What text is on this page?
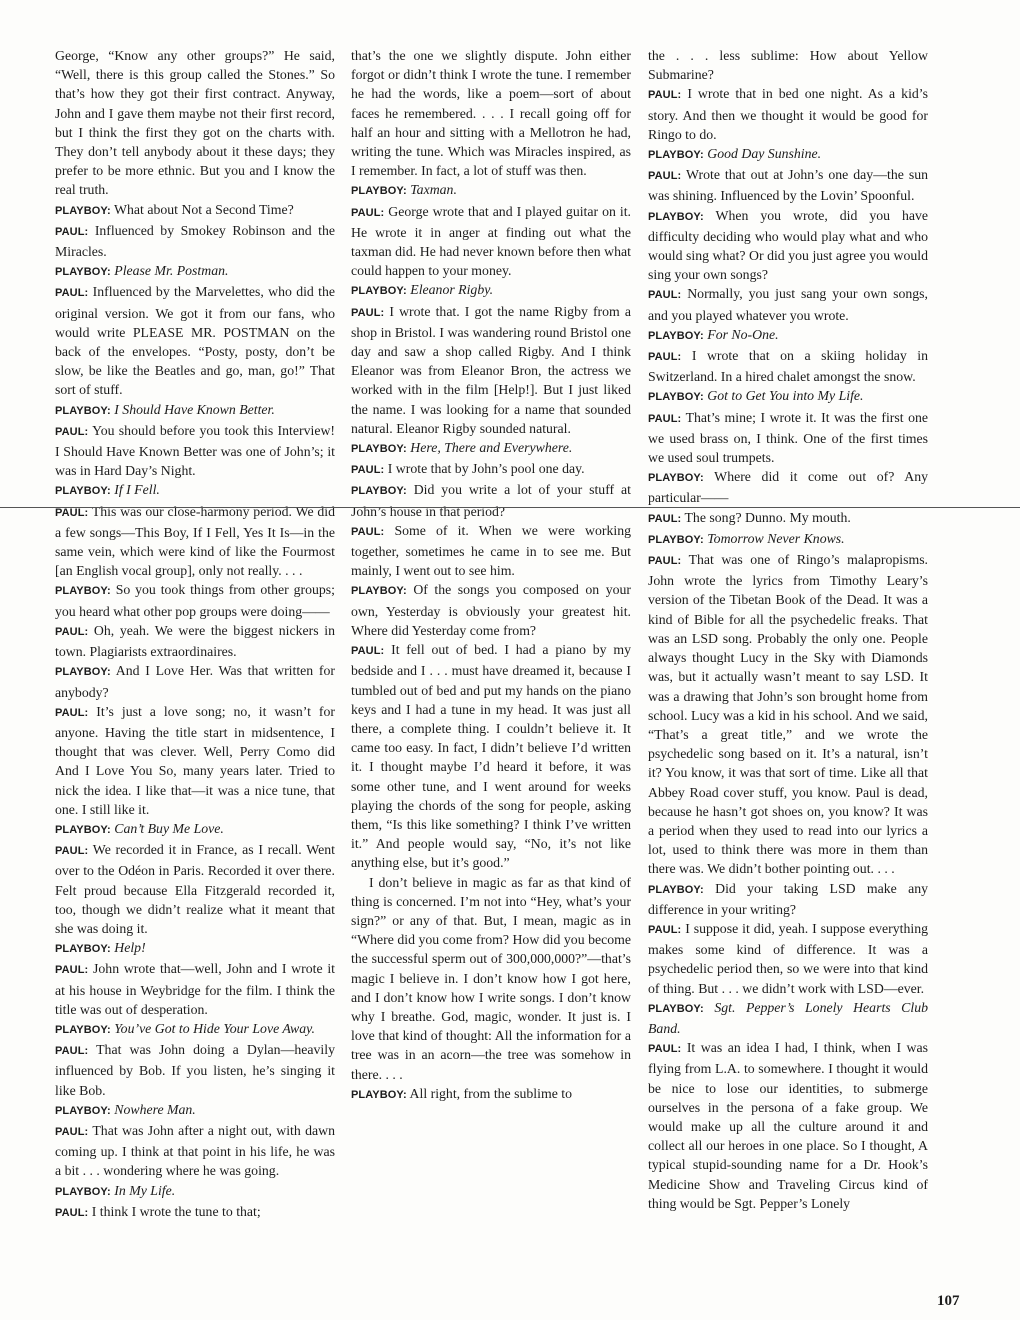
George, “Know any other groups?” He said, “Well, there is this group called the Stones.” So that’s how they got their first contract. Anyway, John and I gave them maybe not their first record, but I think the first they got on the charts with. They don’t tell anybody about it these days; they prefer to be more ethnic. But you and I know the real truth.

PLAYBOY: What about Not a Second Time?

PAUL: Influenced by Smokey Robinson and the Miracles.

PLAYBOY: Please Mr. Postman.

PAUL: Influenced by the Marvelettes, who did the original version. We got it from our fans, who would write PLEASE MR. POSTMAN on the back of the envelopes. “Posty, posty, don’t be slow, be like the Beatles and go, man, go!” That sort of stuff.

PLAYBOY: I Should Have Known Better.

PAUL: You should before you took this Interview! I Should Have Known Better was one of John’s; it was in Hard Day’s Night.

PLAYBOY: If I Fell.

PAUL: This was our close-harmony period. We did a few songs—This Boy, If I Fell, Yes It Is—in the same vein, which were kind of like the Fourmost [an English vocal group], only not really. . . .

PLAYBOY: So you took things from other groups; you heard what other pop groups were doing——

PAUL: Oh, yeah. We were the biggest nickers in town. Plagiarists extraordinaires.

PLAYBOY: And I Love Her. Was that written for anybody?

PAUL: It’s just a love song; no, it wasn’t for anyone. Having the title start in midsentence, I thought that was clever. Well, Perry Como did And I Love You So, many years later. Tried to nick the idea. I like that—it was a nice tune, that one. I still like it.

PLAYBOY: Can’t Buy Me Love.

PAUL: We recorded it in France, as I recall. Went over to the Odéon in Paris. Recorded it over there. Felt proud because Ella Fitzgerald recorded it, too, though we didn’t realize what it meant that she was doing it.

PLAYBOY: Help!

PAUL: John wrote that—well, John and I wrote it at his house in Weybridge for the film. I think the title was out of desperation.

PLAYBOY: You’ve Got to Hide Your Love Away.

PAUL: That was John doing a Dylan—heavily influenced by Bob. If you listen, he’s singing it like Bob.

PLAYBOY: Nowhere Man.

PAUL: That was John after a night out, with dawn coming up. I think at that point in his life, he was a bit . . . wondering where he was going.

PLAYBOY: In My Life.

PAUL: I think I wrote the tune to that;

that’s the one we slightly dispute. John either forgot or didn’t think I wrote the tune. I remember he had the words, like a poem—sort of about faces he remembered. . . . I recall going off for half an hour and sitting with a Mellotron he had, writing the tune. Which was Miracles inspired, as I remember. In fact, a lot of stuff was then.

PLAYBOY: Taxman.

PAUL: George wrote that and I played guitar on it. He wrote it in anger at finding out what the taxman did. He had never known before then what could happen to your money.

PLAYBOY: Eleanor Rigby.

PAUL: I wrote that. I got the name Rigby from a shop in Bristol. I was wandering round Bristol one day and saw a shop called Rigby. And I think Eleanor was from Eleanor Bron, the actress we worked with in the film [Help!]. But I just liked the name. I was looking for a name that sounded natural. Eleanor Rigby sounded natural.

PLAYBOY: Here, There and Everywhere.

PAUL: I wrote that by John’s pool one day.

PLAYBOY: Did you write a lot of your stuff at John’s house in that period?

PAUL: Some of it. When we were working together, sometimes he came in to see me. But mainly, I went out to see him.

PLAYBOY: Of the songs you composed on your own, Yesterday is obviously your greatest hit. Where did Yesterday come from?

PAUL: It fell out of bed. I had a piano by my bedside and I . . . must have dreamed it, because I tumbled out of bed and put my hands on the piano keys and I had a tune in my head. It was just all there, a complete thing. I couldn’t believe it. It came too easy. In fact, I didn’t believe I’d written it. I thought maybe I’d heard it before, it was some other tune, and I went around for weeks playing the chords of the song for people, asking them, “Is this like something? I think I’ve written it.” And people would say, “No, it’s not like anything else, but it’s good.”

I don’t believe in magic as far as that kind of thing is concerned. I’m not into “Hey, what’s your sign?” or any of that. But, I mean, magic as in “Where did you come from? How did you become the successful sperm out of 300,000,000?”—that’s magic I believe in. I don’t know how I got here, and I don’t know how I write songs. I don’t know why I breathe. God, magic, wonder. It just is. I love that kind of thought: All the information for a tree was in an acorn—the tree was somehow in there. . . .

PLAYBOY: All right, from the sublime to

the . . . less sublime: How about Yellow Submarine?

PAUL: I wrote that in bed one night. As a kid’s story. And then we thought it would be good for Ringo to do.

PLAYBOY: Good Day Sunshine.

PAUL: Wrote that out at John’s one day—the sun was shining. Influenced by the Lovin’ Spoonful.

PLAYBOY: When you wrote, did you have difficulty deciding who would play what and who would sing what? Or did you just agree you would sing your own songs?

PAUL: Normally, you just sang your own songs, and you played whatever you wrote.

PLAYBOY: For No-One.

PAUL: I wrote that on a skiing holiday in Switzerland. In a hired chalet amongst the snow.

PLAYBOY: Got to Get You into My Life.

PAUL: That’s mine; I wrote it. It was the first one we used brass on, I think. One of the first times we used soul trumpets.

PLAYBOY: Where did it come out of? Any particular——

PAUL: The song? Dunno. My mouth.

PLAYBOY: Tomorrow Never Knows.

PAUL: That was one of Ringo’s malapropisms. John wrote the lyrics from Timothy Leary’s version of the Tibetan Book of the Dead. It was a kind of Bible for all the psychedelic freaks. That was an LSD song. Probably the only one. People always thought Lucy in the Sky with Diamonds was, but it actually wasn’t meant to say LSD. It was a drawing that John’s son brought home from school. Lucy was a kid in his school. And we said, “That’s a great title,” and we wrote the psychedelic song based on it. It’s a natural, isn’t it? You know, it was that sort of time. Like all that Abbey Road cover stuff, you know. Paul is dead, because he hasn’t got shoes on, you know? It was a period when they used to read into our lyrics a lot, used to think there was more in them than there was. We didn’t bother pointing out. . . .

PLAYBOY: Did your taking LSD make any difference in your writing?

PAUL: I suppose it did, yeah. I suppose everything makes some kind of difference. It was a psychedelic period then, so we were into that kind of thing. But . . . we didn’t work with LSD—ever.

PLAYBOY: Sgt. Pepper’s Lonely Hearts Club Band.

PAUL: It was an idea I had, I think, when I was flying from L.A. to somewhere. I thought it would be nice to lose our identities, to submerge ourselves in the persona of a fake group. We would make up all the culture around it and collect all our heroes in one place. So I thought, A typical stupid-sounding name for a Dr. Hook’s Medicine Show and Traveling Circus kind of thing would be Sgt. Pepper’s Lonely

107
